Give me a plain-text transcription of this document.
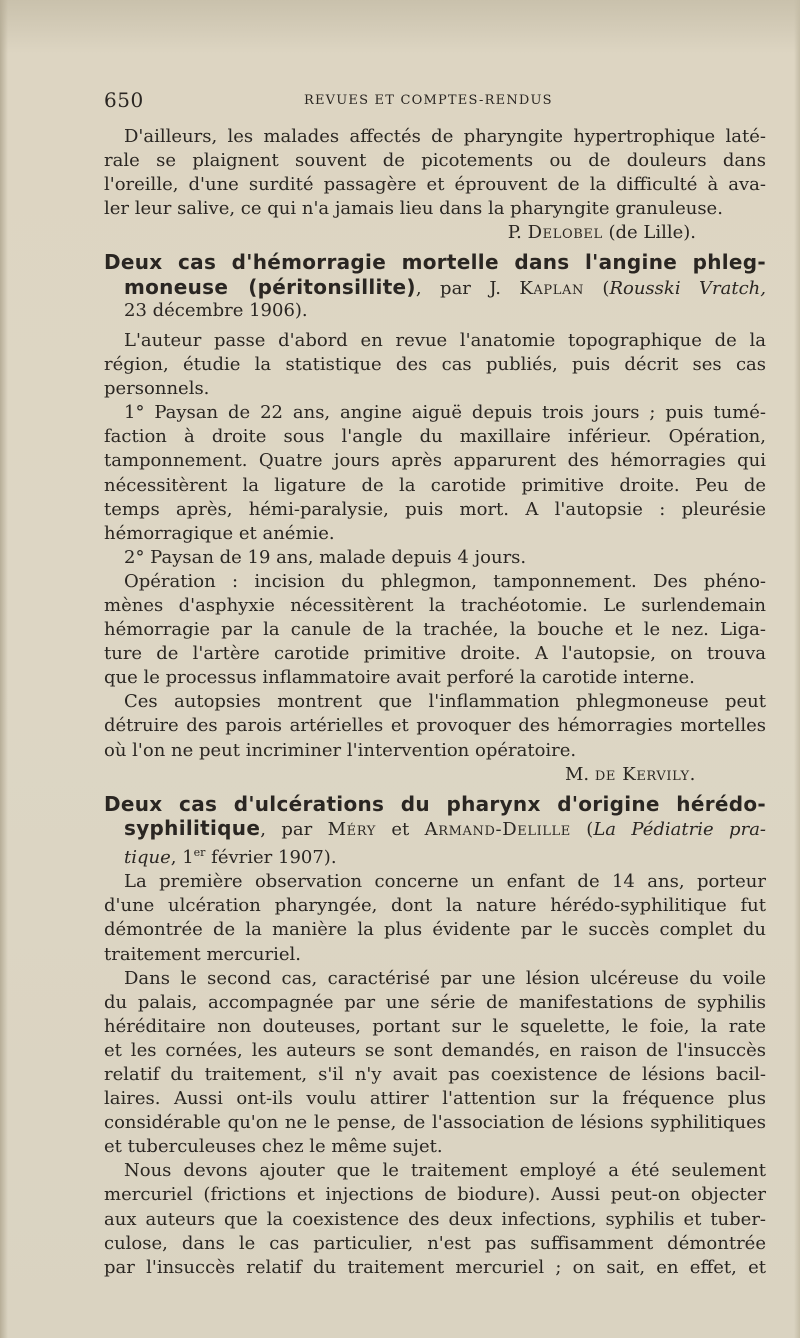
650	REVUES ET COMPTES-RENDUS
D'ailleurs, les malades affectés de pharyngite hypertrophique laté-
rale se plaignent souvent de picotements ou de douleurs dans
l'oreille, d'une surdité passagère et éprouvent de la difficulté à ava-
ler leur salive, ce qui n'a jamais lieu dans la pharyngite granuleuse.
P. Delobel (de Lille).
Deux cas d'hémorragie mortelle dans l'angine phleg-
moneuse (péritonsillite), par J. Kaplan (Rousski Vratch,
23 décembre 1906).
L'auteur passe d'abord en revue l'anatomie topographique de la
région, étudie la statistique des cas publiés, puis décrit ses cas
personnels.
1° Paysan de 22 ans, angine aiguë depuis trois jours ; puis tumé-
faction à droite sous l'angle du maxillaire inférieur. Opération,
tamponnement. Quatre jours après apparurent des hémorragies qui
nécessitèrent la ligature de la carotide primitive droite. Peu de
temps après, hémi-paralysie, puis mort. A l'autopsie : pleurésie
hémorragique et anémie.
2° Paysan de 19 ans, malade depuis 4 jours.
Opération : incision du phlegmon, tamponnement. Des phéno-
mènes d'asphyxie nécessitèrent la trachéotomie. Le surlendemain
hémorragie par la canule de la trachée, la bouche et le nez. Liga-
ture de l'artère carotide primitive droite. A l'autopsie, on trouva
que le processus inflammatoire avait perforé la carotide interne.
Ces autopsies montrent que l'inflammation phlegmoneuse peut
détruire des parois artérielles et provoquer des hémorragies mortelles
où l'on ne peut incriminer l'intervention opératoire.
M. de Kervily.
Deux cas d'ulcérations du pharynx d'origine hérédo-
syphilitique, par Méry et Armand-Delille (La Pédiatrie pra-
tique, 1er février 1907).
La première observation concerne un enfant de 14 ans, porteur
d'une ulcération pharyngée, dont la nature hérédo-syphilitique fut
démontrée de la manière la plus évidente par le succès complet du
traitement mercuriel.
Dans le second cas, caractérisé par une lésion ulcéreuse du voile
du palais, accompagnée par une série de manifestations de syphilis
héréditaire non douteuses, portant sur le squelette, le foie, la rate
et les cornées, les auteurs se sont demandés, en raison de l'insuccès
relatif du traitement, s'il n'y avait pas coexistence de lésions bacil-
laires. Aussi ont-ils voulu attirer l'attention sur la fréquence plus
considérable qu'on ne le pense, de l'association de lésions syphilitiques
et tuberculeuses chez le même sujet.
Nous devons ajouter que le traitement employé a été seulement
mercuriel (frictions et injections de biodure). Aussi peut-on objecter
aux auteurs que la coexistence des deux infections, syphilis et tuber-
culose, dans le cas particulier, n'est pas suffisamment démontrée
par l'insuccès relatif du traitement mercuriel ; on sait, en effet, et
